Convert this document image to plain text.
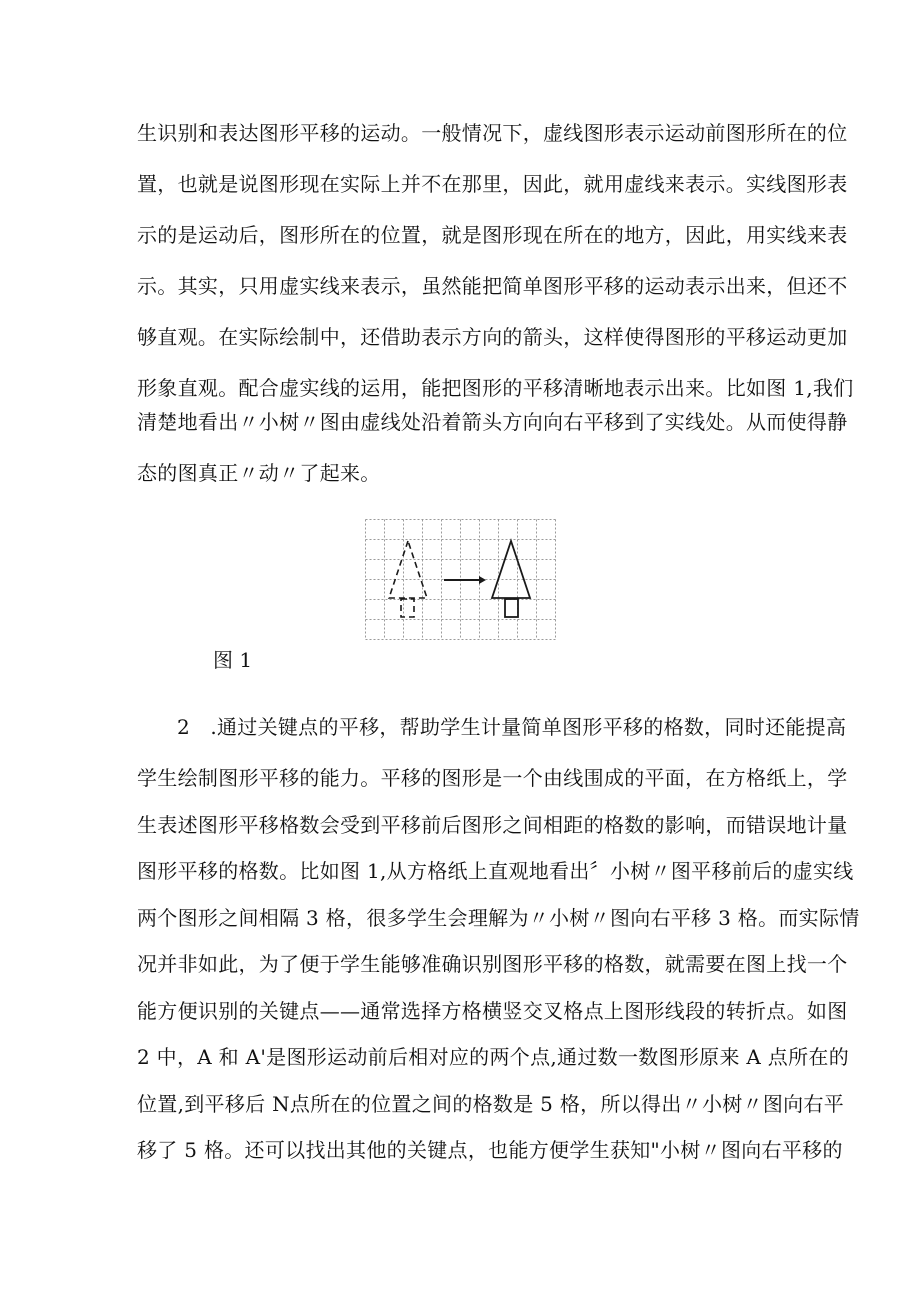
生识别和表达图形平移的运动。一般情况下，虚线图形表示运动前图形所在的位
置，也就是说图形现在实际上并不在那里，因此，就用虚线来表示。实线图形表
示的是运动后，图形所在的位置，就是图形现在所在的地方，因此，用实线来表
示。其实，只用虚实线来表示，虽然能把简单图形平移的运动表示出来，但还不
够直观。在实际绘制中，还借助表示方向的箭头，这样使得图形的平移运动更加
形象直观。配合虚实线的运用，能把图形的平移清晰地表示出来。比如图 1,我们
清楚地看出〃小树〃图由虚线处沿着箭头方向向右平移到了实线处。从而使得静
态的图真正〃动〃了起来。
图 1
2　.通过关键点的平移，帮助学生计量简单图形平移的格数，同时还能提高
学生绘制图形平移的能力。平移的图形是一个由线围成的平面，在方格纸上，学
生表述图形平移格数会受到平移前后图形之间相距的格数的影响，而错误地计量
图形平移的格数。比如图 1,从方格纸上直观地看出〞小树〃图平移前后的虚实线
两个图形之间相隔 3 格，很多学生会理解为〃小树〃图向右平移 3 格。而实际情
况并非如此，为了便于学生能够准确识别图形平移的格数，就需要在图上找一个
能方便识别的关键点——通常选择方格横竖交叉格点上图形线段的转折点。如图
2 中，A 和 A'是图形运动前后相对应的两个点,通过数一数图形原来 A 点所在的
位置,到平移后 N点所在的位置之间的格数是 5 格，所以得出〃小树〃图向右平
移了 5 格。还可以找出其他的关键点，也能方便学生获知"小树〃图向右平移的
